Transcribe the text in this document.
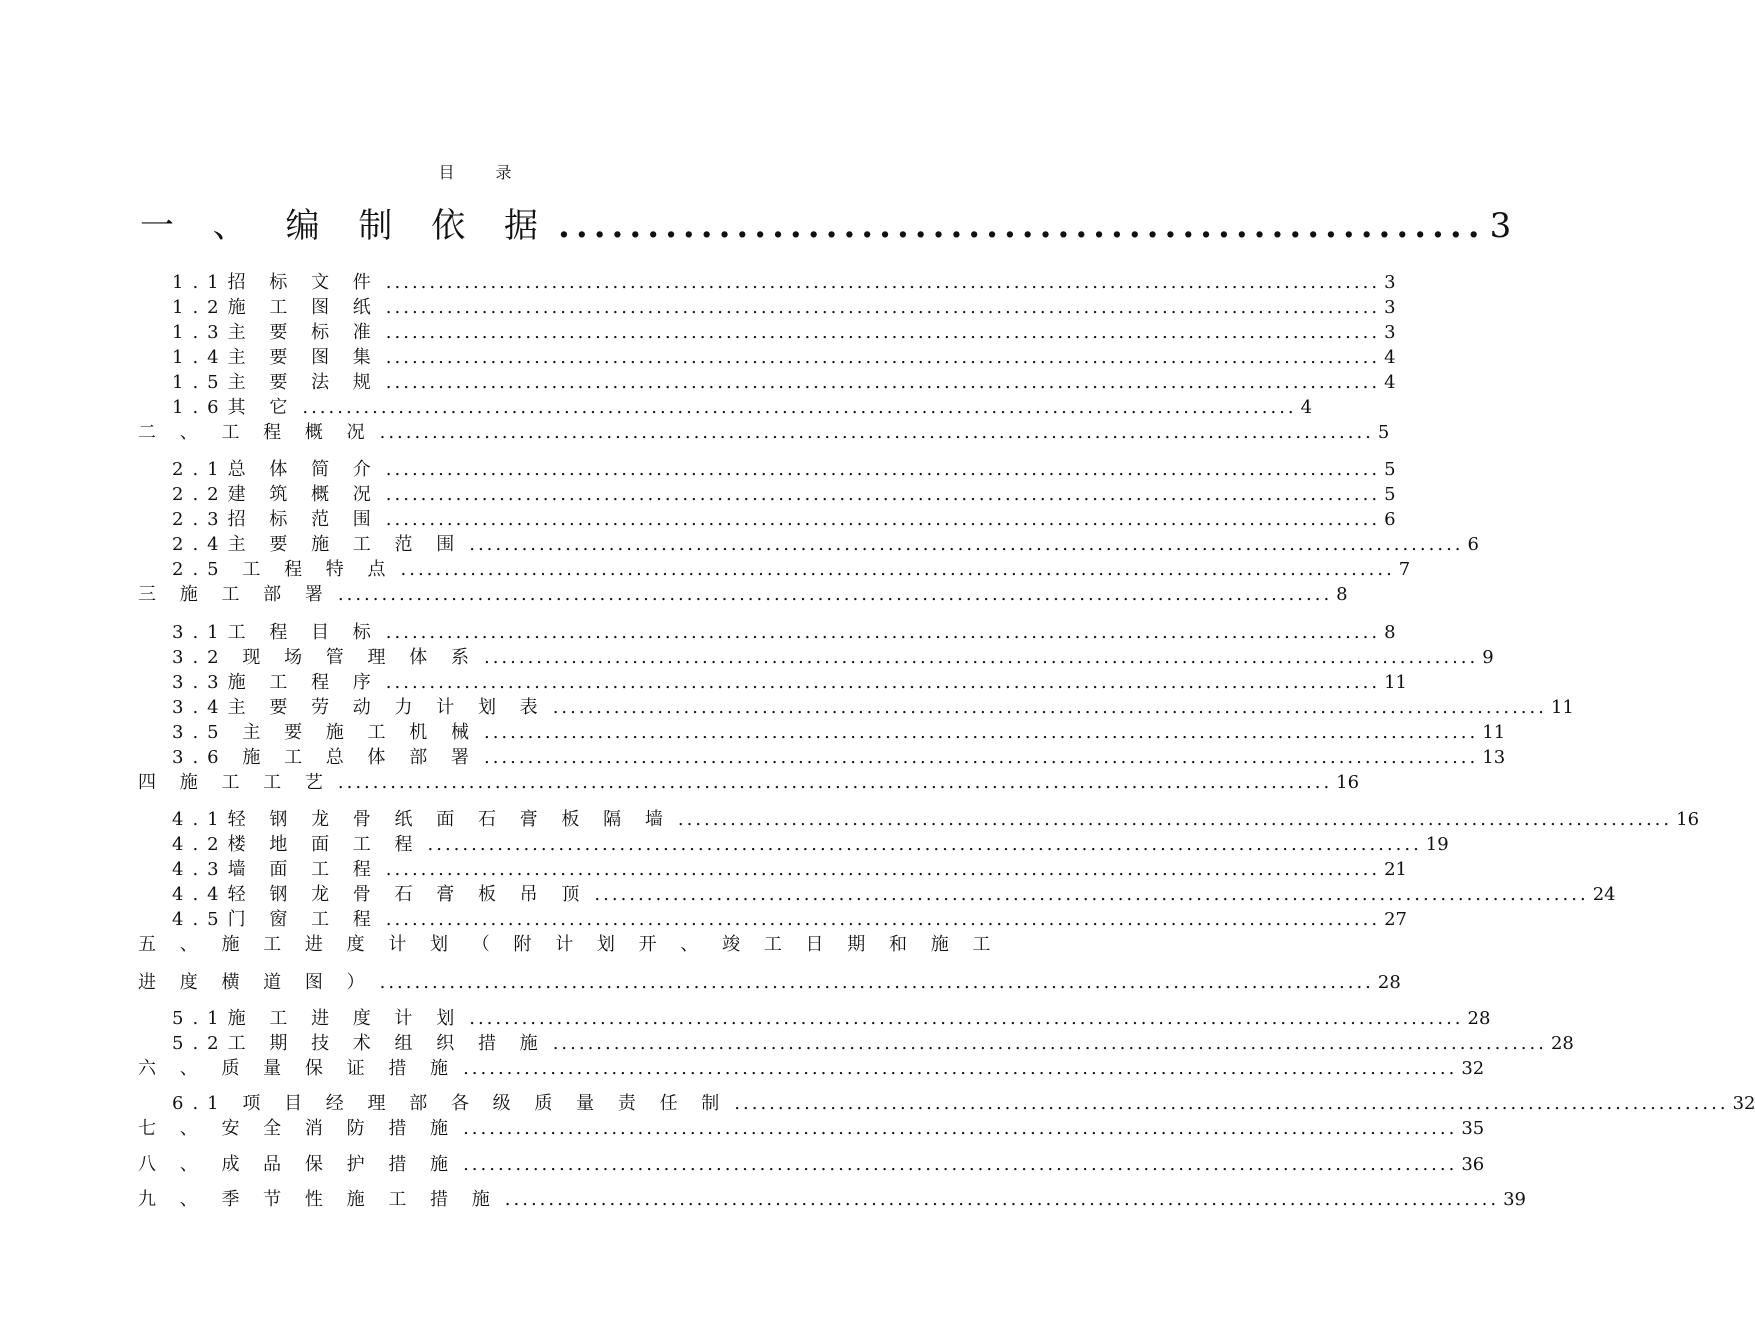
目 录
一 、 编 制 依 据 .................................................... 3
1.1招 标 文 件 .................................................................................................................. 3
1.2施 工 图 纸 .................................................................................................................. 3
1.3主 要 标 准 .................................................................................................................. 3
1.4主 要 图 集 .................................................................................................................. 4
1.5主 要 法 规 .................................................................................................................. 4
1.6其 它 .................................................................................................................. 4
二 、 工 程 概 况 .................................................................................................................. 5
2.1总 体 简 介 .................................................................................................................. 5
2.2建 筑 概 况 .................................................................................................................. 5
2.3招 标 范 围 .................................................................................................................. 6
2.4主 要 施 工 范 围 .................................................................................................................. 6
2.5 工 程 特 点 .................................................................................................................. 7
三 施 工 部 署 .................................................................................................................. 8
3.1工 程 目 标 .................................................................................................................. 8
3.2 现 场 管 理 体 系 .................................................................................................................. 9
3.3施 工 程 序 .................................................................................................................. 11
3.4主 要 劳 动 力 计 划 表 .................................................................................................................. 11
3.5 主 要 施 工 机 械 .................................................................................................................. 11
3.6 施 工 总 体 部 署 .................................................................................................................. 13
四 施 工 工 艺 .................................................................................................................. 16
4.1轻 钢 龙 骨 纸 面 石 膏 板 隔 墙 .................................................................................................................. 16
4.2楼 地 面 工 程 .................................................................................................................. 19
4.3墙 面 工 程 .................................................................................................................. 21
4.4轻 钢 龙 骨 石 膏 板 吊 顶 .................................................................................................................. 24
4.5门 窗 工 程 .................................................................................................................. 27
五 、 施 工 进 度 计 划 （ 附 计 划 开 、 竣 工 日 期 和 施 工
进 度 横 道 图 ） .................................................................................................................. 28
5.1施 工 进 度 计 划 .................................................................................................................. 28
5.2工 期 技 术 组 织 措 施 .................................................................................................................. 28
六 、 质 量 保 证 措 施 .................................................................................................................. 32
6.1 项 目 经 理 部 各 级 质 量 责 任 制 .................................................................................................................. 32
七 、 安 全 消 防 措 施 .................................................................................................................. 35
八 、 成 品 保 护 措 施 .................................................................................................................. 36
九 、 季 节 性 施 工 措 施 .................................................................................................................. 39
